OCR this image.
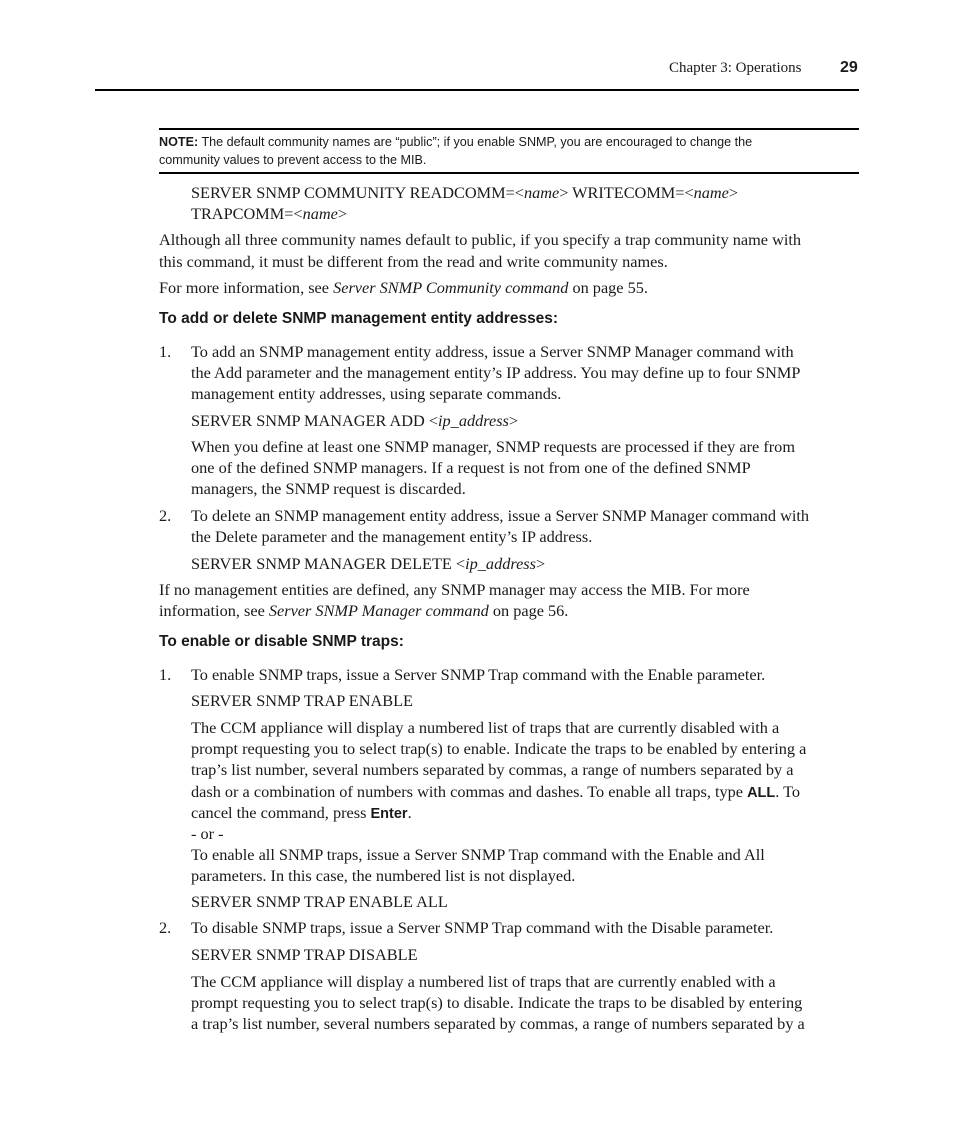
Chapter 3: Operations 29
NOTE: The default community names are “public”; if you enable SNMP, you are encouraged to change the
community values to prevent access to the MIB.
SERVER SNMP COMMUNITY READCOMM=<name> WRITECOMM=<name>
TRAPCOMM=<name>
Although all three community names default to public, if you specify a trap community name with
this command, it must be different from the read and write community names.
For more information, see Server SNMP Community command on page 55.
To add or delete SNMP management entity addresses:
1. To add an SNMP management entity address, issue a Server SNMP Manager command with
the Add parameter and the management entity’s IP address. You may define up to four SNMP
management entity addresses, using separate commands.
SERVER SNMP MANAGER ADD <ip_address>
When you define at least one SNMP manager, SNMP requests are processed if they are from
one of the defined SNMP managers. If a request is not from one of the defined SNMP
managers, the SNMP request is discarded.
2. To delete an SNMP management entity address, issue a Server SNMP Manager command with
the Delete parameter and the management entity’s IP address.
SERVER SNMP MANAGER DELETE <ip_address>
If no management entities are defined, any SNMP manager may access the MIB. For more
information, see Server SNMP Manager command on page 56.
To enable or disable SNMP traps:
1. To enable SNMP traps, issue a Server SNMP Trap command with the Enable parameter.
SERVER SNMP TRAP ENABLE
The CCM appliance will display a numbered list of traps that are currently disabled with a
prompt requesting you to select trap(s) to enable. Indicate the traps to be enabled by entering a
trap’s list number, several numbers separated by commas, a range of numbers separated by a
dash or a combination of numbers with commas and dashes. To enable all traps, type ALL. To
cancel the command, press Enter.
- or -
To enable all SNMP traps, issue a Server SNMP Trap command with the Enable and All
parameters. In this case, the numbered list is not displayed.
SERVER SNMP TRAP ENABLE ALL
2. To disable SNMP traps, issue a Server SNMP Trap command with the Disable parameter.
SERVER SNMP TRAP DISABLE
The CCM appliance will display a numbered list of traps that are currently enabled with a
prompt requesting you to select trap(s) to disable. Indicate the traps to be disabled by entering
a trap’s list number, several numbers separated by commas, a range of numbers separated by a
